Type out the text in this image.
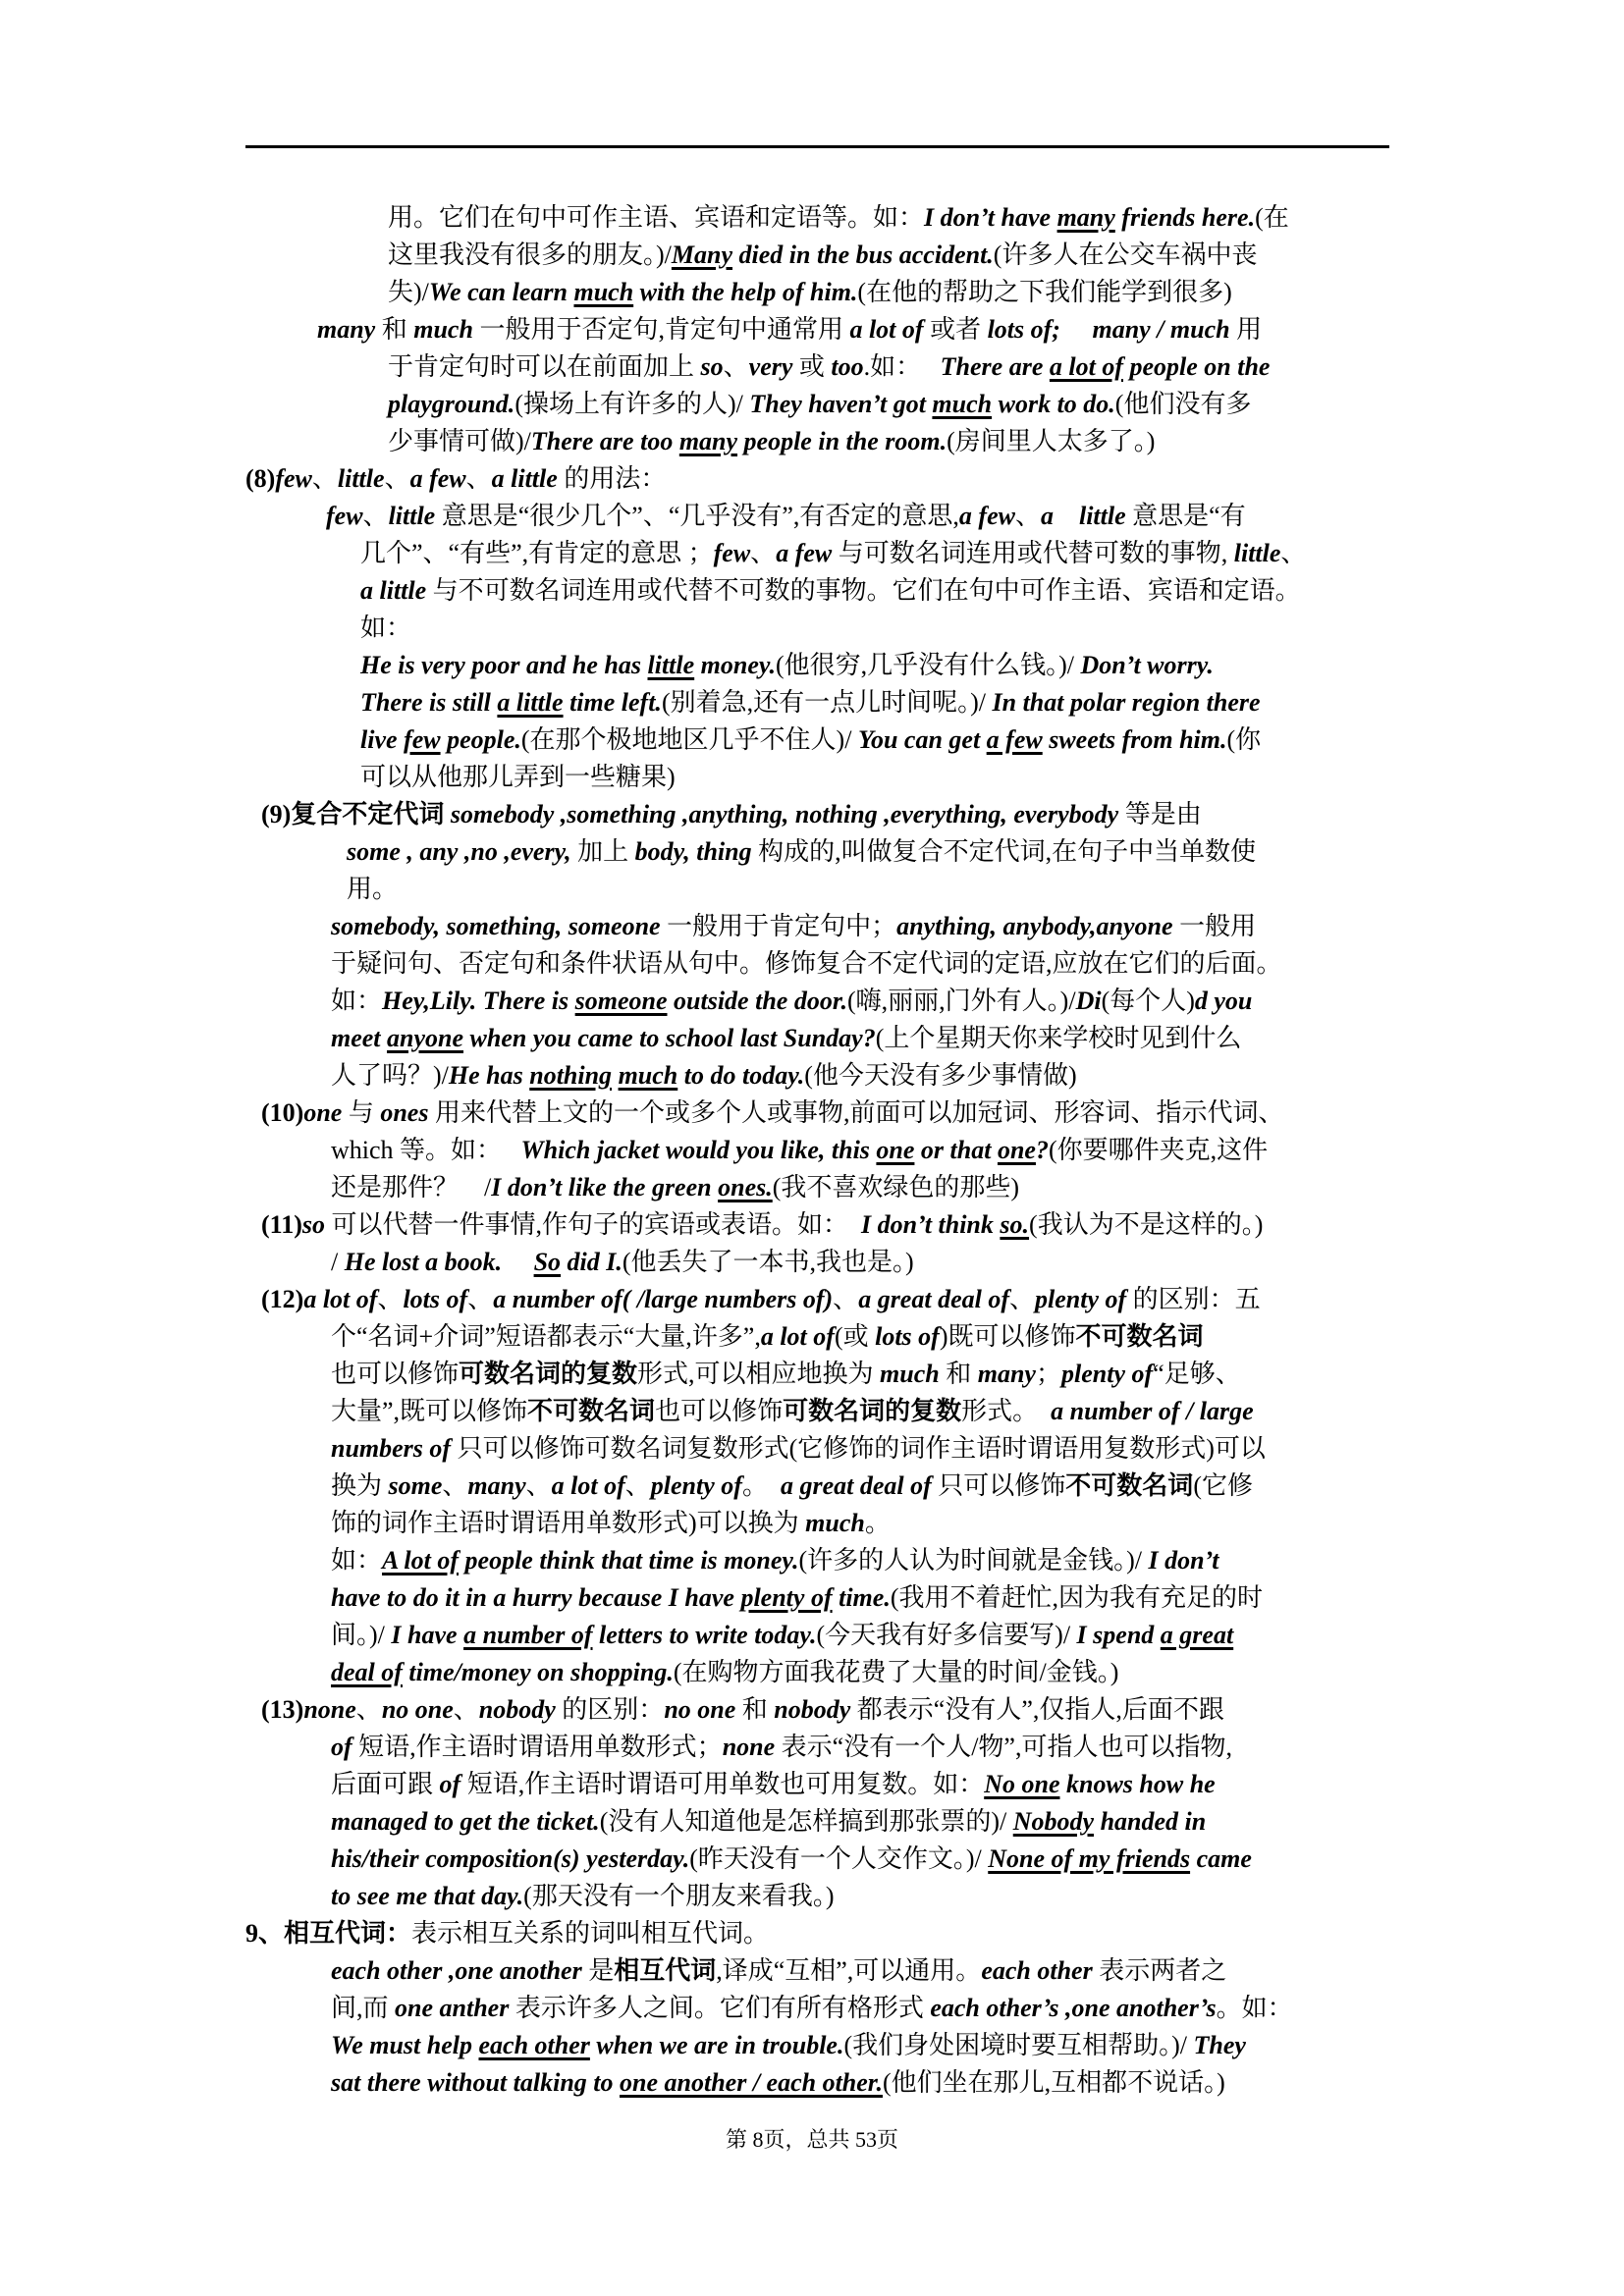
用。它们在句中可作主语、宾语和定语等。如：I don’t have many friends here.(在
这里我没有很多的朋友。)/Many died in the bus accident.(许多人在公交车祸中丧
失)/We can learn much with the help of him.(在他的帮助之下我们能学到很多)
many 和 much 一般用于否定句,肯定句中通常用 a lot of 或者 lots of;　 many / much 用
于肯定句时可以在前面加上 so、very 或 too.如：　 There are a lot of people on the
playground.(操场上有许多的人)/ They haven’t got much work to do.(他们没有多
少事情可做)/There are too many people in the room.(房间里人太多了。)
(8)few、little、a few、a little 的用法：
few、little 意思是“很少几个”、“几乎没有”,有否定的意思,a few、a　little 意思是“有
几个”、“有些”,有肯定的意思 ；few、a few 与可数名词连用或代替可数的事物, little、
a little 与不可数名词连用或代替不可数的事物。它们在句中可作主语、宾语和定语。
如：
He is very poor and he has little money.(他很穷,几乎没有什么钱。)/ Don’t worry.
There is still a little time left.(别着急,还有一点儿时间呢。)/ In that polar region there
live few people.(在那个极地地区几乎不住人)/ You can get a few sweets from him.(你
可以从他那儿弄到一些糖果)
(9)复合不定代词 somebody ,something ,anything, nothing ,everything, everybody 等是由
some , any ,no ,every, 加上 body, thing 构成的,叫做复合不定代词,在句子中当单数使
用。
somebody, something, someone 一般用于肯定句中；anything, anybody,anyone 一般用
于疑问句、否定句和条件状语从句中。修饰复合不定代词的定语,应放在它们的后面。
如：Hey,Lily. There is someone outside the door.(嗨,丽丽,门外有人。)/Di(每个人)d you
meet anyone when you came to school last Sunday?(上个星期天你来学校时见到什么
人了吗？)/He has nothing much to do today.(他今天没有多少事情做)
(10)one 与 ones 用来代替上文的一个或多个人或事物,前面可以加冠词、形容词、指示代词、
which 等。如：　 Which jacket would you like, this one or that one?(你要哪件夹克,这件
还是那件？　/I don’t like the green ones.(我不喜欢绿色的那些)
(11)so 可以代替一件事情,作句子的宾语或表语。如：　I don’t think so.(我认为不是这样的。)
/ He lost a book.　 So did I.(他丢失了一本书,我也是。)
(12)a lot of、lots of、a number of( /large numbers of)、a great deal of、plenty of 的区别：五
个“名词+介词”短语都表示“大量,许多”,a lot of(或 lots of)既可以修饰不可数名词
也可以修饰可数名词的复数形式,可以相应地换为 much 和 many；plenty of“足够、
大量”,既可以修饰不可数名词也可以修饰可数名词的复数形式。　a number of / large
numbers of 只可以修饰可数名词复数形式(它修饰的词作主语时谓语用复数形式)可以
换为 some、many、a lot of、plenty of。　a great deal of 只可以修饰不可数名词(它修
饰的词作主语时谓语用单数形式)可以换为 much。
如：A lot of people think that time is money.(许多的人认为时间就是金钱。)/ I don’t
have to do it in a hurry because I have plenty of time.(我用不着赶忙,因为我有充足的时
间。)/ I have a number of letters to write today.(今天我有好多信要写)/ I spend a great
deal of time/money on shopping.(在购物方面我花费了大量的时间/金钱。)
(13)none、no one、nobody 的区别：no one 和 nobody 都表示“没有人”,仅指人,后面不跟
of 短语,作主语时谓语用单数形式；none 表示“没有一个人/物”,可指人也可以指物,
后面可跟 of 短语,作主语时谓语可用单数也可用复数。如：No one knows how he
managed to get the ticket.(没有人知道他是怎样搞到那张票的)/ Nobody handed in
his/their composition(s) yesterday.(昨天没有一个人交作文。)/ None of my friends came
to see me that day.(那天没有一个朋友来看我。)
9、相互代词：表示相互关系的词叫相互代词。
each other ,one another 是相互代词,译成“互相”,可以通用。each other 表示两者之
间,而 one anther 表示许多人之间。它们有所有格形式 each other’s ,one another’s。如：
We must help each other when we are in trouble.(我们身处困境时要互相帮助。)/ They
sat there without talking to one another / each other.(他们坐在那儿,互相都不说话。)
第 8页，总共 53页
